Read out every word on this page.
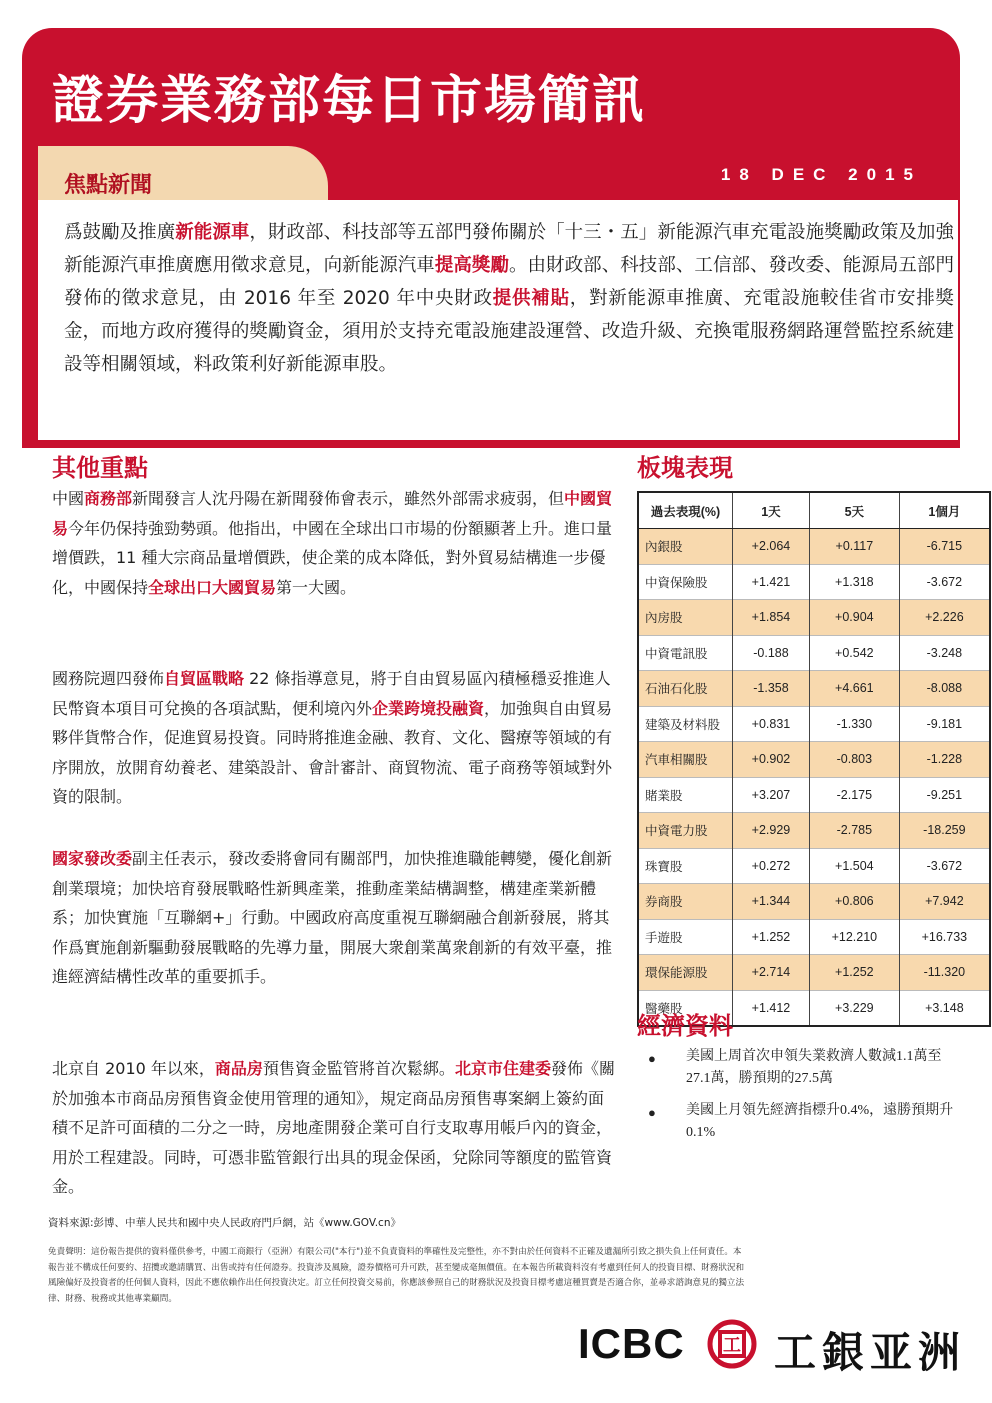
證券業務部每日市場簡訊
18 DEC 2015
焦點新聞
爲鼓勵及推廣新能源車，財政部、科技部等五部門發佈關於「十三・五」新能源汽車充電設施獎勵政策及加強新能源汽車推廣應用徵求意見，向新能源汽車提高獎勵。由財政部、科技部、工信部、發改委、能源局五部門發佈的徵求意見，由 2016 年至 2020 年中央財政提供補貼，對新能源車推廣、充電設施較佳省市安排獎金，而地方政府獲得的獎勵資金，須用於支持充電設施建設運營、改造升級、充換電服務網路運營監控系統建設等相關領域，料政策利好新能源車股。
其他重點
中國商務部新聞發言人沈丹陽在新聞發佈會表示，雖然外部需求疲弱，但中國貿易今年仍保持強勁勢頭。他指出，中國在全球出口市場的份額顯著上升。進口量增價跌，11 種大宗商品量增價跌，使企業的成本降低，對外貿易結構進一步優化，中國保持全球出口大國貿易第一大國。
國務院週四發佈自貿區戰略 22 條指導意見，將于自由貿易區內積極穩妥推進人民幣資本項目可兌換的各項試點，便利境內外企業跨境投融資，加強與自由貿易夥伴貨幣合作，促進貿易投資。同時將推進金融、教育、文化、醫療等領域的有序開放，放開育幼養老、建築設計、會計審計、商貿物流、電子商務等領域對外資的限制。
國家發改委副主任表示，發改委將會同有關部門，加快推進職能轉變，優化創新創業環境；加快培育發展戰略性新興產業，推動產業結構調整，構建產業新體系；加快實施「互聯網+」行動。中國政府高度重視互聯網融合創新發展，將其作爲實施創新驅動發展戰略的先導力量，開展大衆創業萬衆創新的有效平臺，推進經濟結構性改革的重要抓手。
北京自 2010 年以來，商品房預售資金監管將首次鬆綁。北京市住建委發佈《關於加強本市商品房預售資金使用管理的通知》，規定商品房預售專案網上簽約面積不足許可面積的二分之一時，房地產開發企業可自行支取專用帳戶內的資金，用於工程建設。同時，可憑非監管銀行出具的現金保函，兌除同等額度的監管資金。
板塊表現
過去表現(%)	1天	5天	1個月
內銀股	+2.064	+0.117	-6.715
中資保險股	+1.421	+1.318	-3.672
內房股	+1.854	+0.904	+2.226
中資電訊股	-0.188	+0.542	-3.248
石油石化股	-1.358	+4.661	-8.088
建築及材料股	+0.831	-1.330	-9.181
汽車相關股	+0.902	-0.803	-1.228
賭業股	+3.207	-2.175	-9.251
中資電力股	+2.929	-2.785	-18.259
珠寶股	+0.272	+1.504	-3.672
券商股	+1.344	+0.806	+7.942
手遊股	+1.252	+12.210	+16.733
環保能源股	+2.714	+1.252	-11.320
醫藥股	+1.412	+3.229	+3.148
經濟資料
● 美國上周首次申領失業救濟人數減1.1萬至27.1萬，勝預期的27.5萬
● 美國上月領先經濟指標升0.4%，遠勝預期升0.1%
資料來源:彭博、中華人民共和國中央人民政府門戶網，站《www.GOV.cn》
免責聲明：這份報告提供的資料僅供參考，中國工商銀行（亞洲）有限公司("本行")並不負責資料的準確性及完整性，亦不對由於任何資料不正確及遺漏所引致之損失負上任何責任。本報告並不構成任何要約、招攬或邀請購買、出售或持有任何證券。投資涉及風險，證券價格可升可跌，甚至變成毫無價值。在本報告所載資料沒有考慮到任何人的投資目標、財務狀況和風險偏好及投資者的任何個人資料，因此不應依賴作出任何投資決定。訂立任何投資交易前，你應該參照自己的財務狀況及投資目標考慮這種買賣是否適合你，並尋求諮詢意見的獨立法律、財務、稅務或其他專業顧問。
ICBC 工 工銀亚洲
